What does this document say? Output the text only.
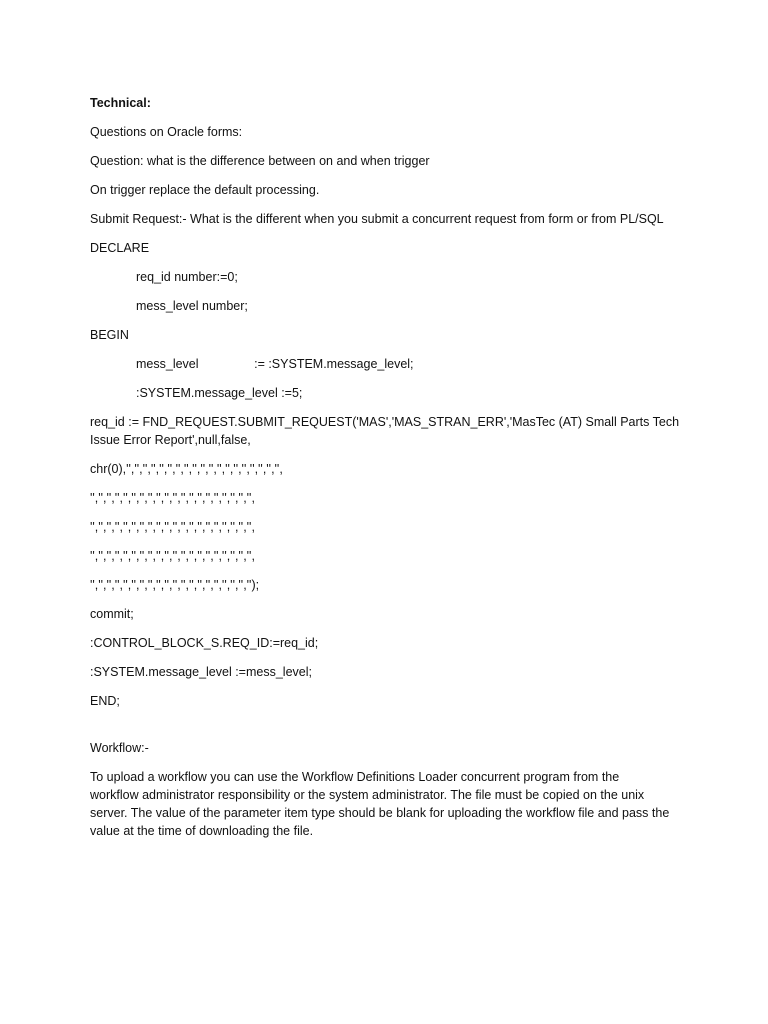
Technical:
Questions on Oracle forms:
Question: what is the difference between on and when trigger
On trigger replace the default processing.
Submit Request:- What is the different when you submit a concurrent request from form or from PL/SQL
DECLARE
req_id number:=0;
mess_level number;
BEGIN
mess_level                := :SYSTEM.message_level;
:SYSTEM.message_level :=5;
req_id := FND_REQUEST.SUBMIT_REQUEST('MAS','MAS_STRAN_ERR','MasTec (AT) Small Parts Tech Issue Error Report',null,false,
chr(0),'','','','','','','','','','','','','','','','','','','',
'','','','','','','','','','','','','','','','','','','','',
'','','','','','','','','','','','','','','','','','','','',
'','','','','','','','','','','','','','','','','','','','',
'','','','','','','','','','','','','','','','','','','','');
commit;
:CONTROL_BLOCK_S.REQ_ID:=req_id;
:SYSTEM.message_level :=mess_level;
END;
Workflow:-
To upload a workflow you can use the Workflow Definitions Loader concurrent program from the workflow administrator responsibility or the system administrator. The file must be copied on the unix server. The value of the parameter item type should be blank for uploading the workflow file and pass the value at the time of downloading the file.
